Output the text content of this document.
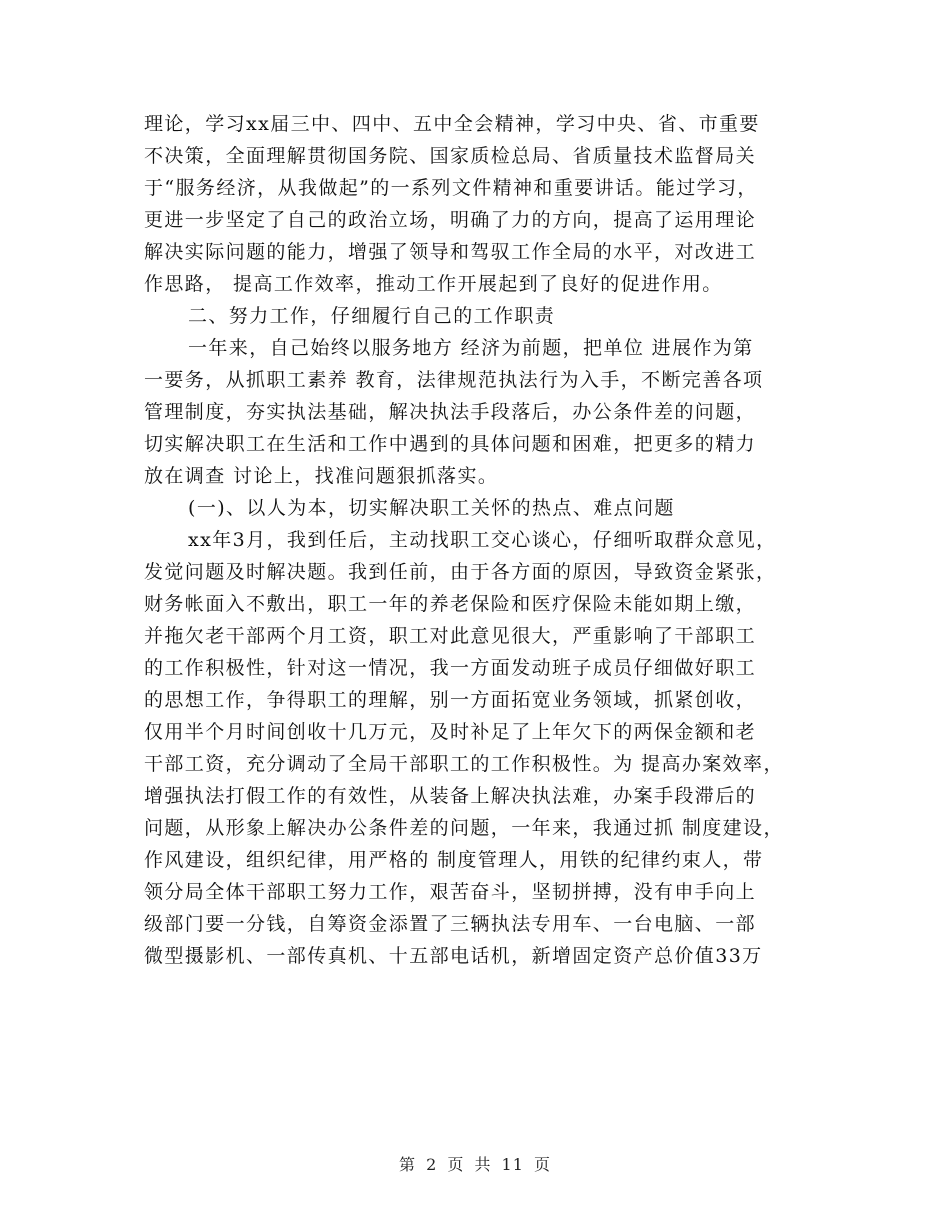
理论，学习xx届三中、四中、五中全会精神，学习中央、省、市重要
不决策，全面理解贯彻国务院、国家质检总局、省质量技术监督局关
于“服务经济，从我做起”的一系列文件精神和重要讲话。能过学习，
更进一步坚定了自己的政治立场，明确了力的方向，提高了运用理论
解决实际问题的能力，增强了领导和驾驭工作全局的水平，对改进工
作思路， 提高工作效率，推动工作开展起到了良好的促进作用。
二、努力工作，仔细履行自己的工作职责
一年来，自己始终以服务地方 经济为前题，把单位 进展作为第
一要务，从抓职工素养 教育，法律规范执法行为入手，不断完善各项
管理制度，夯实执法基础，解决执法手段落后，办公条件差的问题，
切实解决职工在生活和工作中遇到的具体问题和困难，把更多的精力
放在调查 讨论上，找准问题狠抓落实。
(一)、以人为本，切实解决职工关怀的热点、难点问题
xx年3月，我到任后，主动找职工交心谈心，仔细听取群众意见，
发觉问题及时解决题。我到任前，由于各方面的原因，导致资金紧张，
财务帐面入不敷出，职工一年的养老保险和医疗保险未能如期上缴，
并拖欠老干部两个月工资，职工对此意见很大，严重影响了干部职工
的工作积极性，针对这一情况，我一方面发动班子成员仔细做好职工
的思想工作，争得职工的理解，别一方面拓宽业务领域，抓紧创收，
仅用半个月时间创收十几万元，及时补足了上年欠下的两保金额和老
干部工资，充分调动了全局干部职工的工作积极性。为 提高办案效率，
增强执法打假工作的有效性，从装备上解决执法难，办案手段滞后的
问题，从形象上解决办公条件差的问题，一年来，我通过抓 制度建设，
作风建设，组织纪律，用严格的 制度管理人，用铁的纪律约束人，带
领分局全体干部职工努力工作，艰苦奋斗，坚韧拼搏，没有申手向上
级部门要一分钱，自筹资金添置了三辆执法专用车、一台电脑、一部
微型摄影机、一部传真机、十五部电话机，新增固定资产总价值33万
第 2 页 共 11 页
